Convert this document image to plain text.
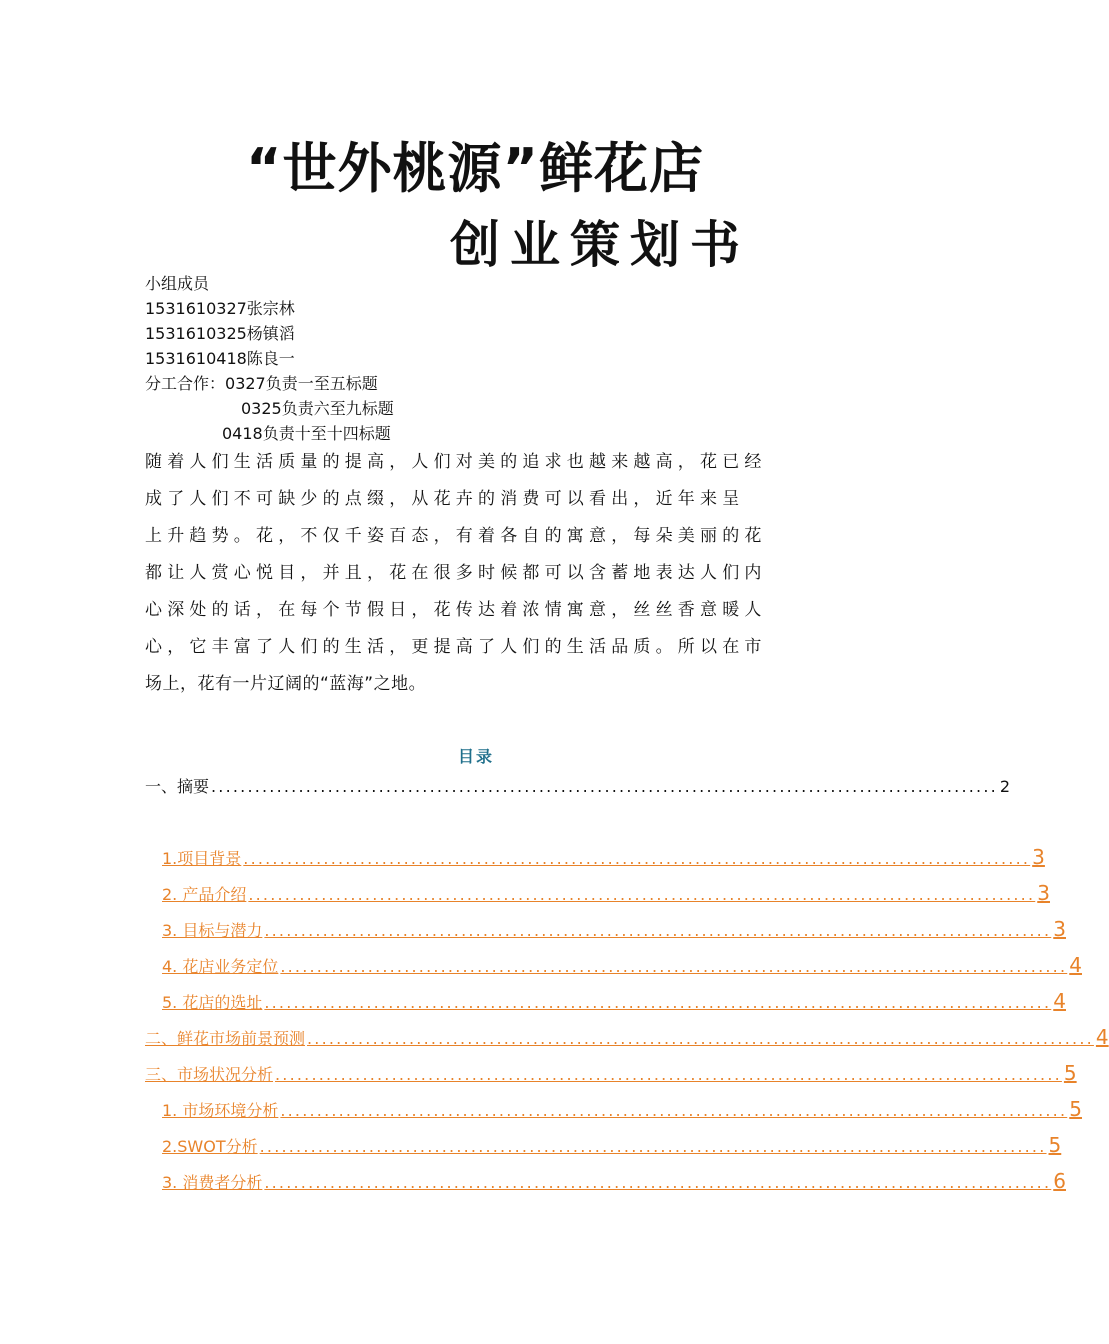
“世外桃源”鲜花店
创业策划书
小组成员
1531610327张宗林
1531610325杨镇滔
1531610418陈良一
分工合作：0327负责一至五标题
0325负责六至九标题
0418负责十至十四标题
随着人们生活质量的提高，人们对美的追求也越来越高，花已经
成了人们不可缺少的点缀，从花卉的消费可以看出，近年来呈
上升趋势。花，不仅千姿百态，有着各自的寓意，每朵美丽的花
都让人赏心悦目，并且，花在很多时候都可以含蓄地表达人们内
心深处的话，在每个节假日，花传达着浓情寓意，丝丝香意暖人
心，它丰富了人们的生活，更提高了人们的生活品质。所以在市
场上，花有一片辽阔的“蓝海”之地。
目录
一、摘要 ............................................................................................................ 2
1.项目背景 ............................................................................................................ 3
2. 产品介绍 ............................................................................................................ 3
3. 目标与潜力 ............................................................................................................ 3
4. 花店业务定位 ............................................................................................................ 4
5. 花店的选址 ............................................................................................................ 4
二、鲜花市场前景预测 ............................................................................................................ 4
三、市场状况分析 ............................................................................................................ 5
1. 市场环境分析 ............................................................................................................ 5
2.SWOT分析 ............................................................................................................ 5
3. 消费者分析 ............................................................................................................ 6
